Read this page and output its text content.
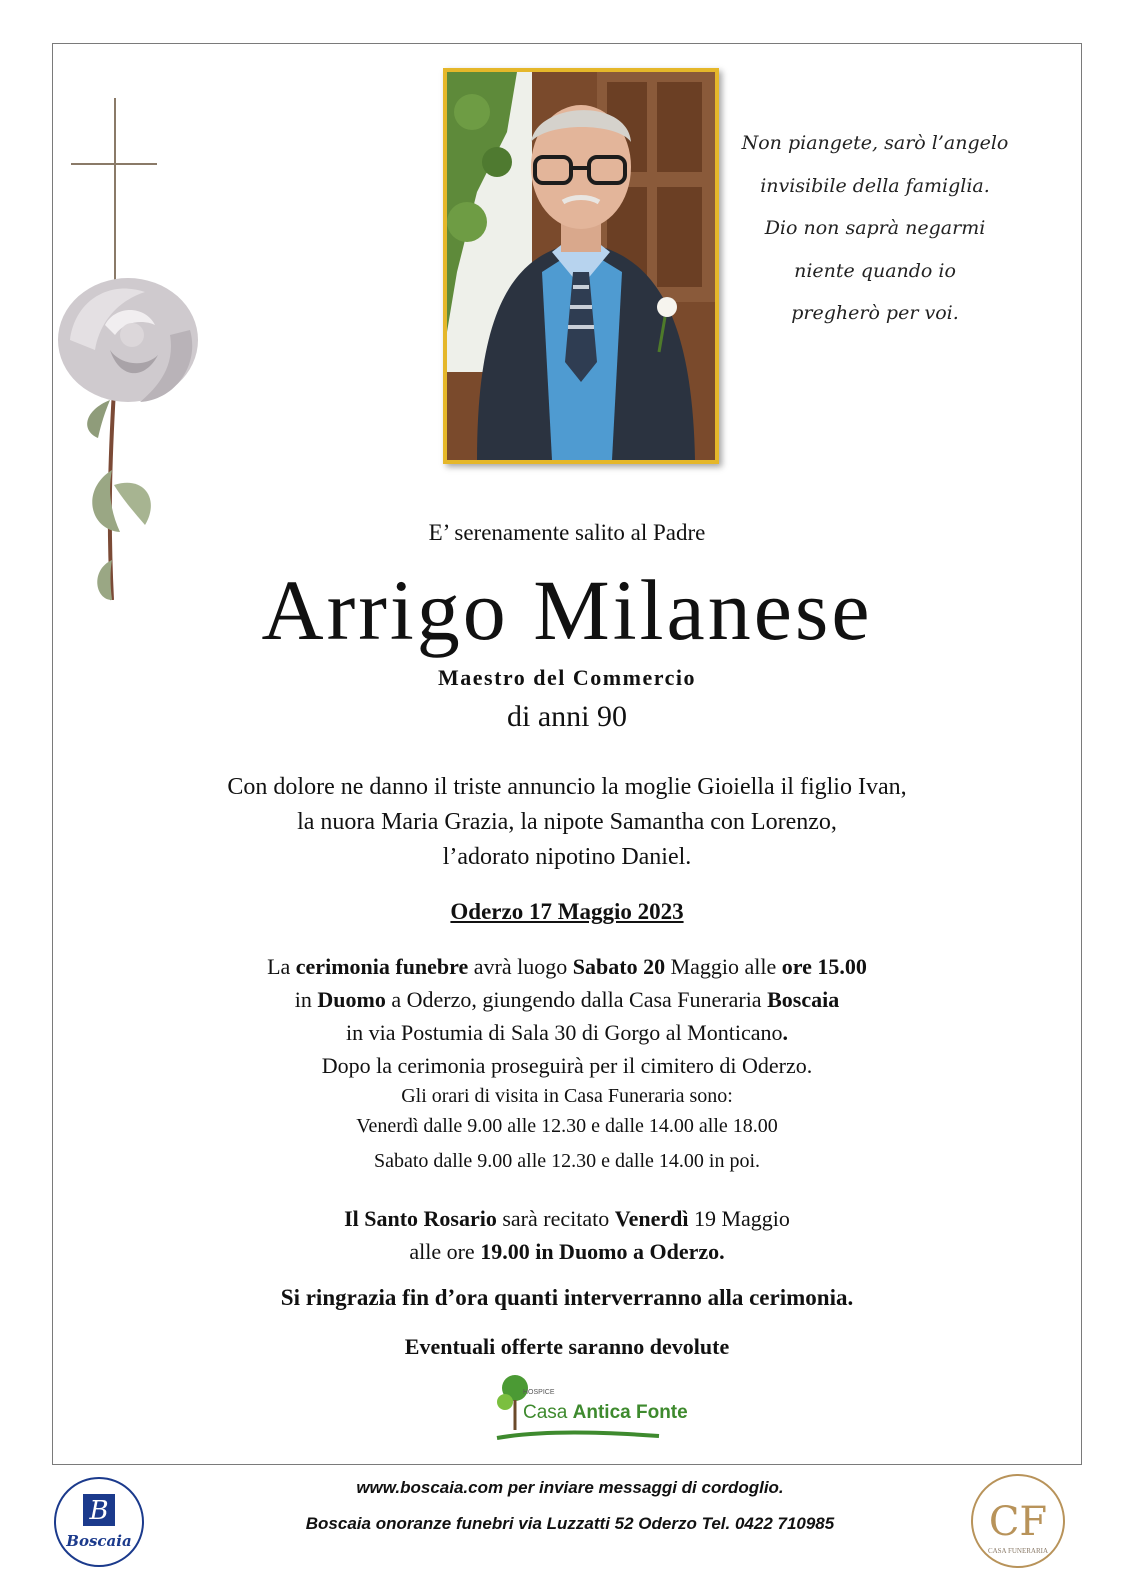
Non piangete, sarò l’angelo
invisibile della famiglia.
Dio non saprà negarmi
niente quando io
pregherò per voi.
E’ serenamente salito al Padre
Arrigo Milanese
Maestro del Commercio
di anni 90
Con dolore ne danno il triste annuncio la moglie Gioiella il figlio Ivan,
la nuora Maria Grazia, la nipote Samantha con Lorenzo,
l’adorato nipotino Daniel.
Oderzo 17 Maggio 2023
La cerimonia funebre avrà luogo Sabato 20 Maggio alle ore 15.00
in Duomo a Oderzo, giungendo dalla Casa Funeraria Boscaia
in via Postumia di Sala 30 di Gorgo al Monticano.
Dopo la cerimonia proseguirà per il cimitero di Oderzo.
Gli orari di visita in Casa Funeraria sono:
Venerdì dalle 9.00 alle 12.30 e dalle 14.00 alle 18.00
Sabato dalle 9.00 alle 12.30 e dalle 14.00 in poi.
Il Santo Rosario sarà recitato Venerdì 19 Maggio
alle ore 19.00 in Duomo a Oderzo.
Si ringrazia fin d’ora quanti interverranno alla cerimonia.
Eventuali offerte saranno devolute
HOSPICE
Casa Antica Fonte
www.boscaia.com per inviare messaggi di cordoglio.
Boscaia onoranze funebri via Luzzatti 52 Oderzo Tel. 0422 710985
B
Boscaia	CF
CASA FUNERARIA
